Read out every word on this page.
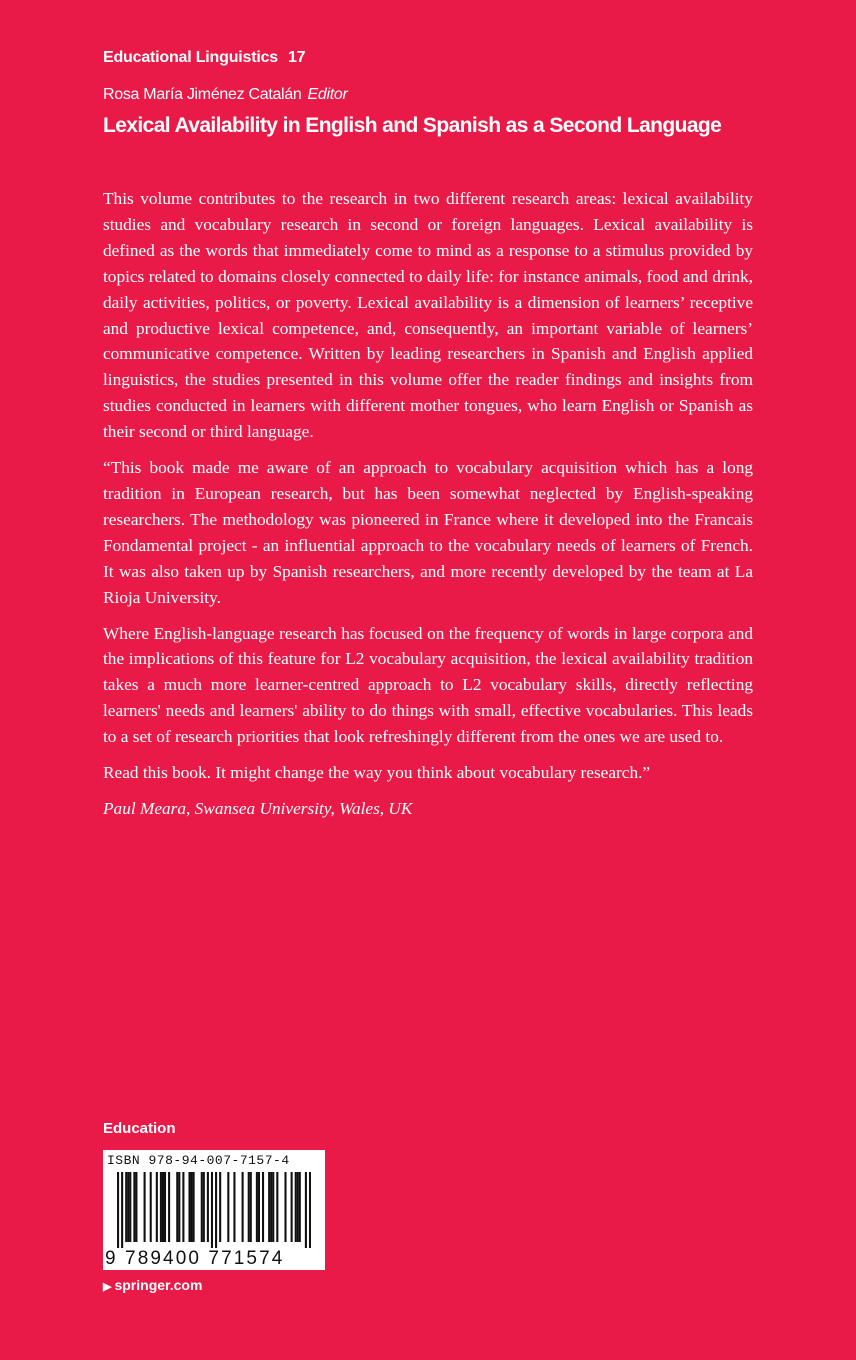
Educational Linguistics 17
Rosa María Jiménez Catalán Editor
Lexical Availability in English and Spanish as a Second Language

This volume contributes to the research in two different research areas: lexical availability studies and vocabulary research in second or foreign languages. Lexical availability is defined as the words that immediately come to mind as a response to a stimulus provided by topics related to domains closely connected to daily life: for instance animals, food and drink, daily activities, politics, or poverty. Lexical availability is a dimension of learners’ receptive and productive lexical competence, and, consequently, an important variable of learners’ communicative competence. Written by leading researchers in Spanish and English applied linguistics, the studies presented in this volume offer the reader findings and insights from studies conducted in learners with different mother tongues, who learn English or Spanish as their second or third language.

“This book made me aware of an approach to vocabulary acquisition which has a long tradition in European research, but has been somewhat neglected by English-speaking researchers. The methodology was pioneered in France where it developed into the Francais Fondamental project - an influential approach to the vocabulary needs of learners of French. It was also taken up by Spanish researchers, and more recently developed by the team at La Rioja University.

Where English-language research has focused on the frequency of words in large corpora and the implications of this feature for L2 vocabulary acquisition, the lexical availability tradition takes a much more learner-centred approach to L2 vocabulary skills, directly reflecting learners' needs and learners' ability to do things with small, effective vocabularies. This leads to a set of research priorities that look refreshingly different from the ones we are used to.

Read this book. It might change the way you think about vocabulary research.”

Paul Meara, Swansea University, Wales, UK

Education
ISBN 978-94-007-7157-4
9 789400 771574
▶ springer.com
